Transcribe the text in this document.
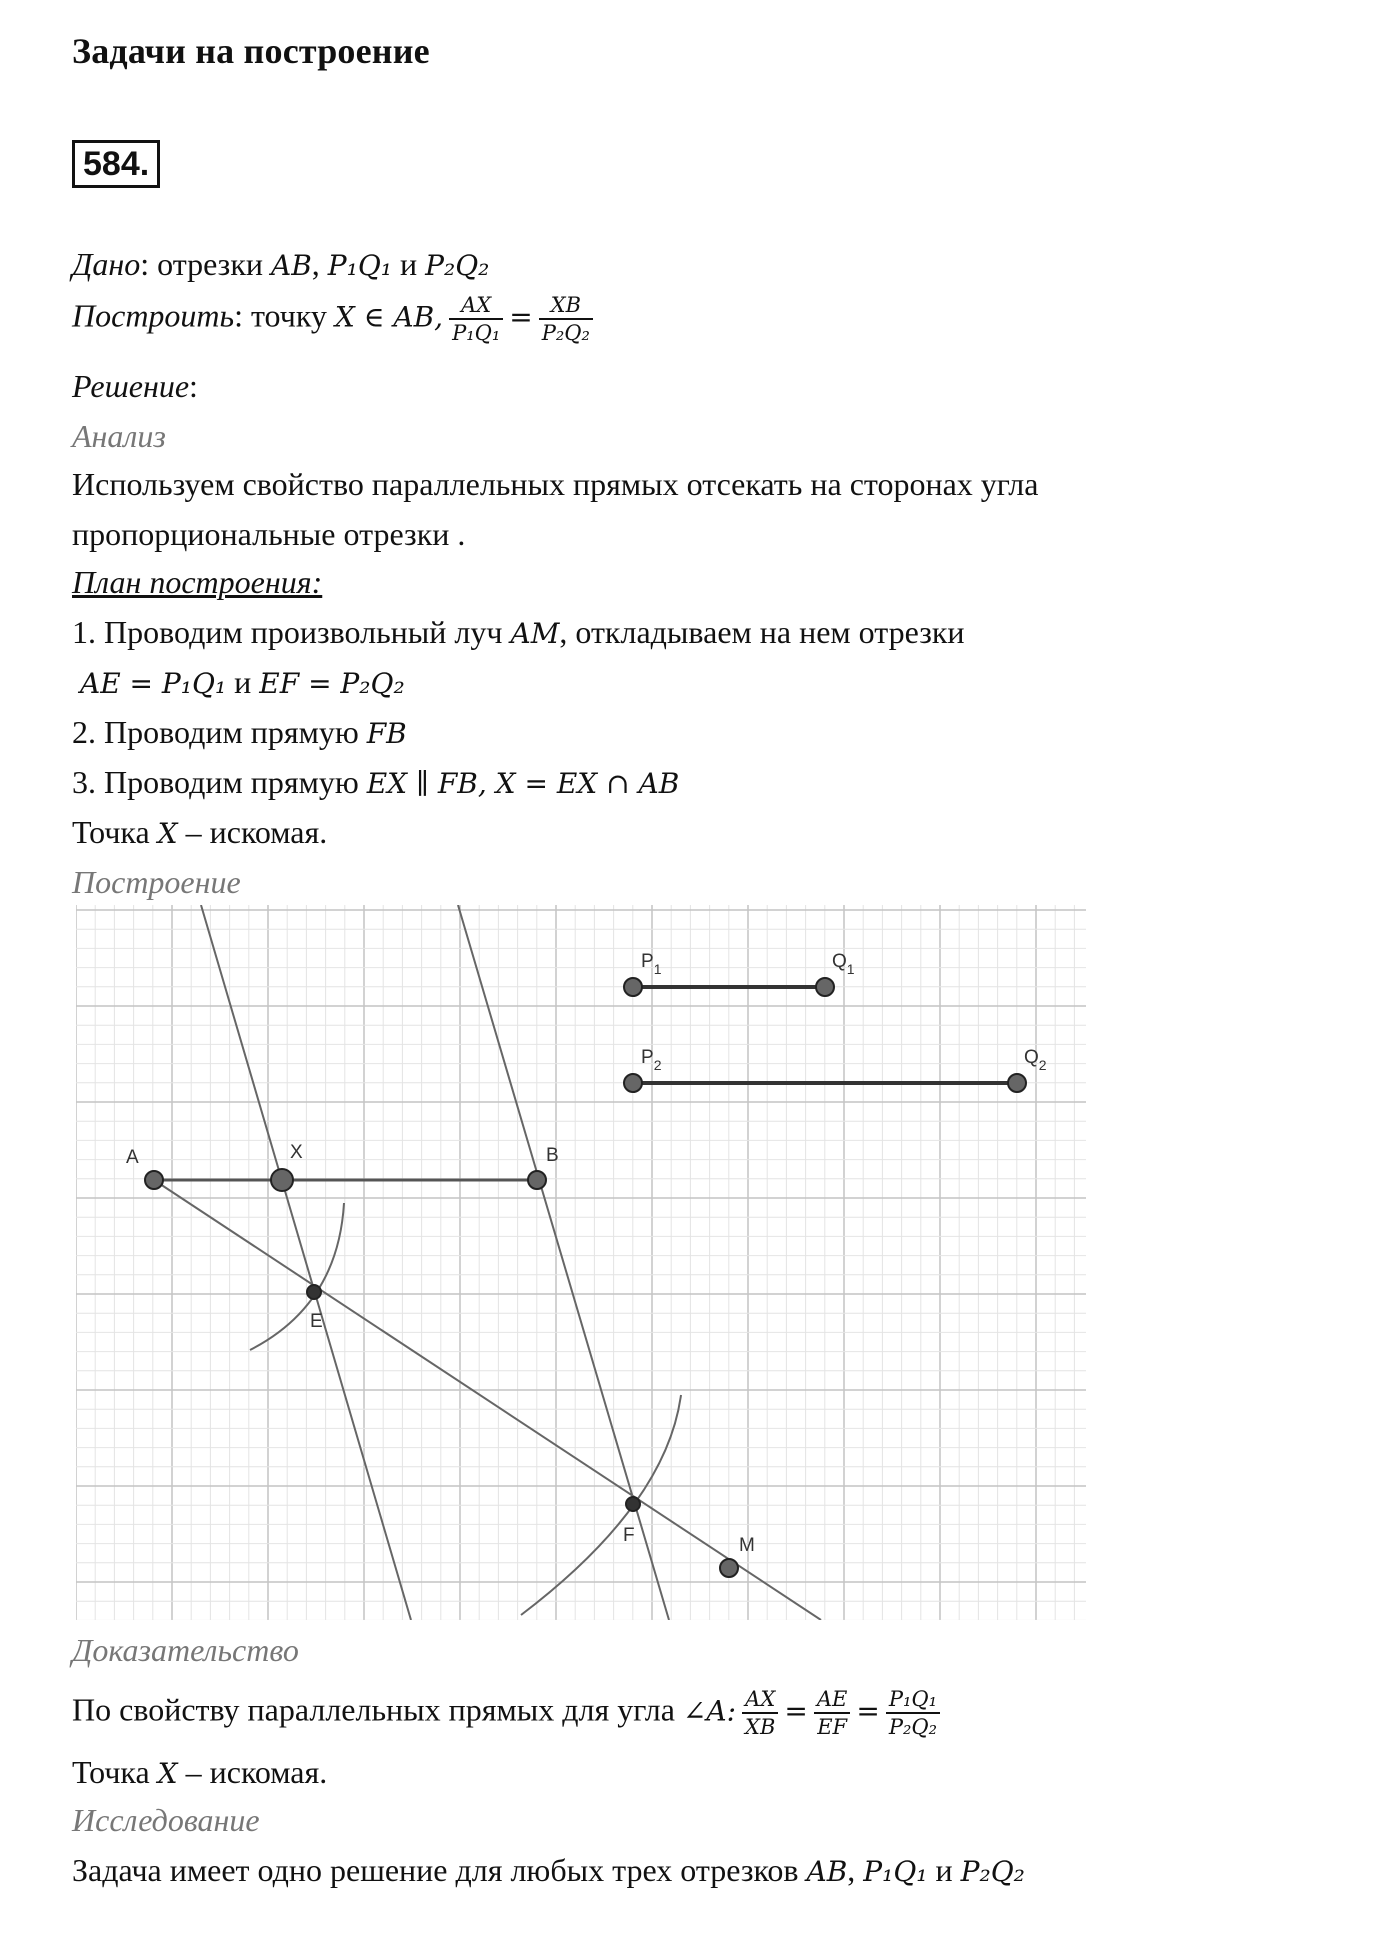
Задачи на построение
584.
Дано: отрезки AB, P₁Q₁ и P₂Q₂
Построить: точку X ∈ AB, $\frac{AX}{\text{P₁Q₁}} = \frac{XB}{\text{P₂Q₂}}$
Решение:
Анализ
Используем свойство параллельных прямых отсекать на сторонах угла
пропорциональные отрезки .
План построения:
1. Проводим произвольный луч AM, откладываем на нем отрезки
AE = P₁Q₁ и EF = P₂Q₂
2. Проводим прямую FB
3. Проводим прямую EX ∥ FB, X = EX ∩ AB
Точка X – искомая.
Построение
A	X	B
E
F	M
$P_1$	$Q_1$
$P_2$	$Q_2$
Доказательство
По свойству параллельных прямых для угла ∠A: $\frac{AX}{XB} = \frac{AE}{EF} = \frac{\text{P₁Q₁}}{\text{P₂Q₂}}$
Точка X – искомая.
Исследование
Задача имеет одно решение для любых трех отрезков AB, P₁Q₁ и P₂Q₂
